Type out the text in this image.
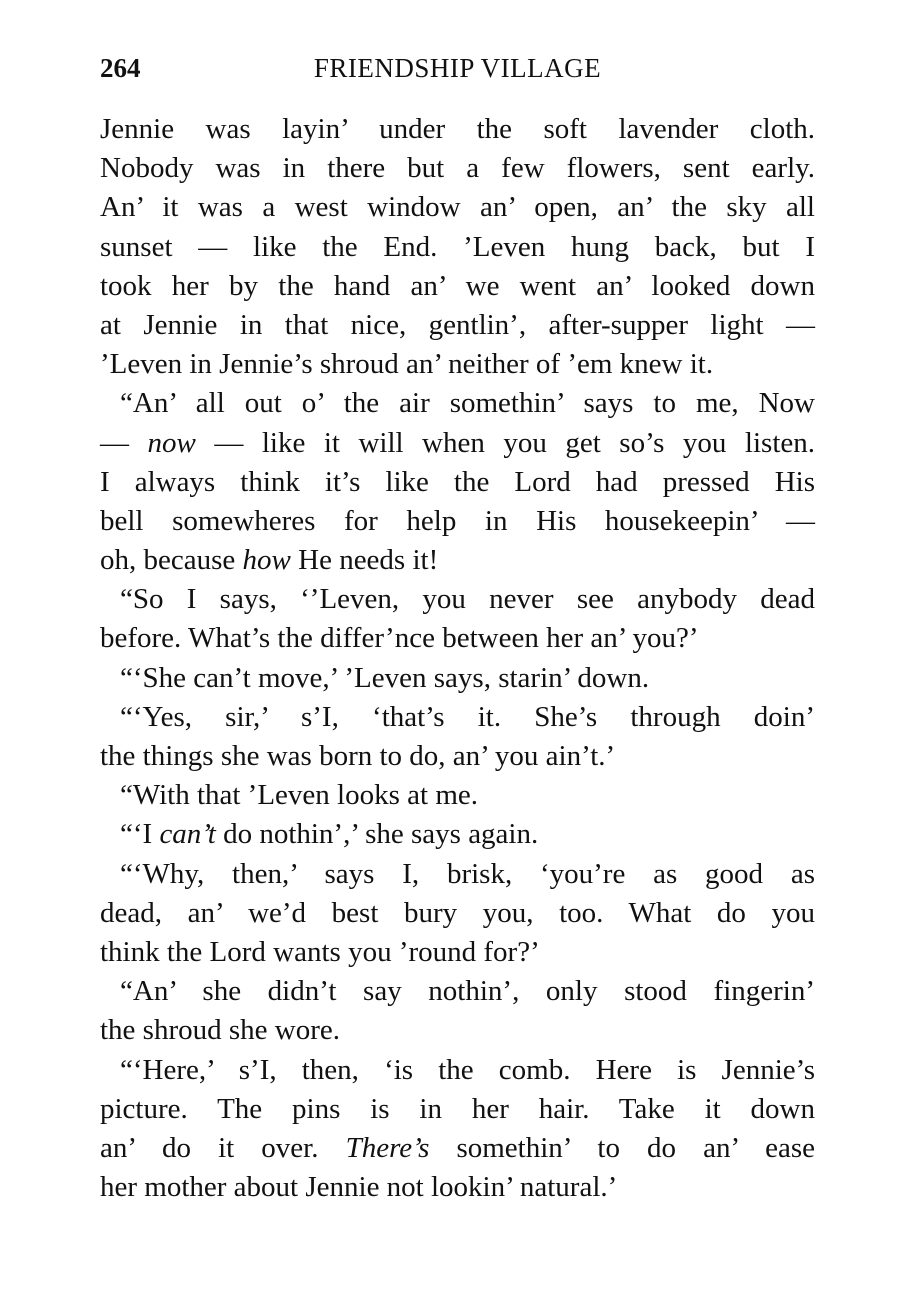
264	FRIENDSHIP VILLAGE
Jennie was layin’ under the soft lavender cloth.
Nobody was in there but a few flowers, sent early.
An’ it was a west window an’ open, an’ the sky all
sunset — like the End. ’Leven hung back, but I
took her by the hand an’ we went an’ looked down
at Jennie in that nice, gentlin’, after-supper light —
’Leven in Jennie’s shroud an’ neither of ’em knew it.
“An’ all out o’ the air somethin’ says to me, Now
— now — like it will when you get so’s you listen.
I always think it’s like the Lord had pressed His
bell somewheres for help in His housekeepin’ —
oh, because how He needs it!
“So I says, ‘’Leven, you never see anybody dead
before. What’s the differ’nce between her an’ you?’
“‘She can’t move,’ ’Leven says, starin’ down.
“‘Yes, sir,’ s’I, ‘that’s it. She’s through doin’
the things she was born to do, an’ you ain’t.’
“With that ’Leven looks at me.
“‘I can’t do nothin’,’ she says again.
“‘Why, then,’ says I, brisk, ‘you’re as good as
dead, an’ we’d best bury you, too. What do you
think the Lord wants you ’round for?’
“An’ she didn’t say nothin’, only stood fingerin’
the shroud she wore.
“‘Here,’ s’I, then, ‘is the comb. Here is Jennie’s
picture. The pins is in her hair. Take it down
an’ do it over. There’s somethin’ to do an’ ease
her mother about Jennie not lookin’ natural.’
